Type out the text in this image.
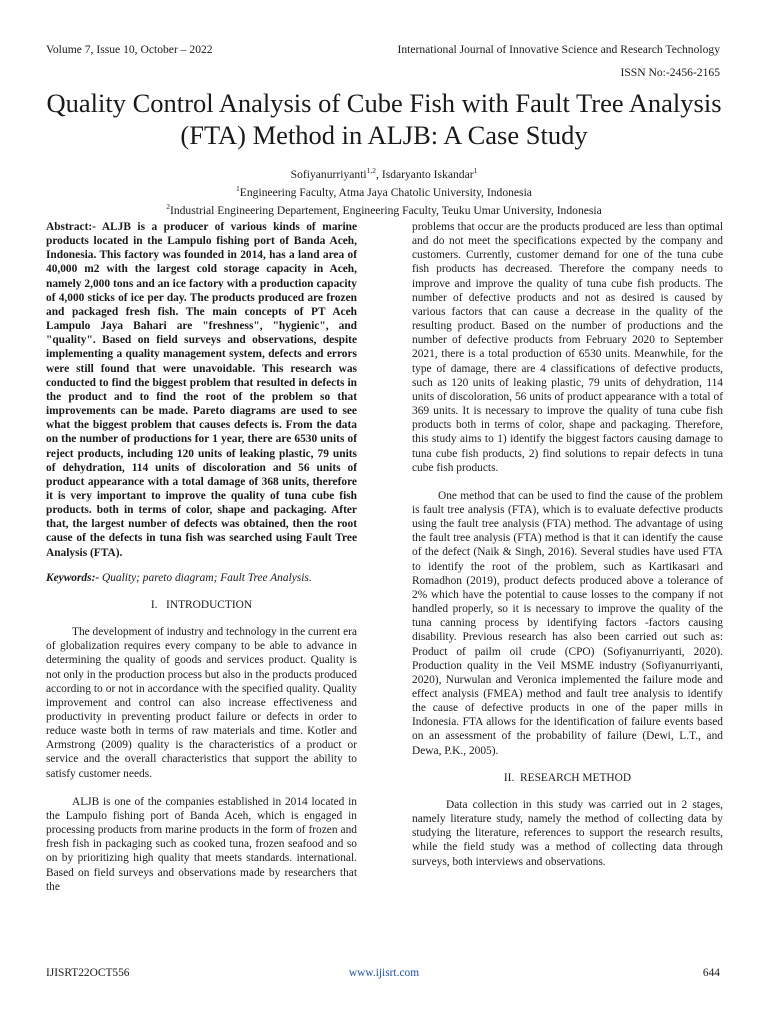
Volume 7, Issue 10, October – 2022	International Journal of Innovative Science and Research Technology
ISSN No:-2456-2165
Quality Control Analysis of Cube Fish with Fault Tree Analysis (FTA) Method in ALJB: A Case Study
Sofiyanurriyanti$^{1,2}$, Isdaryanto Iskandar$^1$
$^1$Engineering Faculty, Atma Jaya Chatolic University, Indonesia
$^2$Industrial Engineering Departement, Engineering Faculty, Teuku Umar University, Indonesia

Abstract:- ALJB is a producer of various kinds of marine products located in the Lampulo fishing port of Banda Aceh, Indonesia. This factory was founded in 2014, has a land area of 40,000 m2 with the largest cold storage capacity in Aceh, namely 2,000 tons and an ice factory with a production capacity of 4,000 sticks of ice per day. The products produced are frozen and packaged fresh fish. The main concepts of PT Aceh Lampulo Jaya Bahari are "freshness", "hygienic", and "quality". Based on field surveys and observations, despite implementing a quality management system, defects and errors were still found that were unavoidable. This research was conducted to find the biggest problem that resulted in defects in the product and to find the root of the problem so that improvements can be made. Pareto diagrams are used to see what the biggest problem that causes defects is. From the data on the number of productions for 1 year, there are 6530 units of reject products, including 120 units of leaking plastic, 79 units of dehydration, 114 units of discoloration and 56 units of product appearance with a total damage of 368 units, therefore it is very important to improve the quality of tuna cube fish products. both in terms of color, shape and packaging. After that, the largest number of defects was obtained, then the root cause of the defects in tuna fish was searched using Fault Tree Analysis (FTA).

Keywords:- Quality; pareto diagram; Fault Tree Analysis.

I.   INTRODUCTION

The development of industry and technology in the current era of globalization requires every company to be able to advance in determining the quality of goods and services product. Quality is not only in the production process but also in the products produced according to or not in accordance with the specified quality. Quality improvement and control can also increase effectiveness and productivity in preventing product failure or defects in order to reduce waste both in terms of raw materials and time. Kotler and Armstrong (2009) quality is the characteristics of a product or service and the overall characteristics that support the ability to satisfy customer needs.

ALJB is one of the companies established in 2014 located in the Lampulo fishing port of Banda Aceh, which is engaged in processing products from marine products in the form of frozen and fresh fish in packaging such as cooked tuna, frozen seafood and so on by prioritizing high quality that meets standards. international. Based on field surveys and observations made by researchers that the

problems that occur are the products produced are less than optimal and do not meet the specifications expected by the company and customers. Currently, customer demand for one of the tuna cube fish products has decreased. Therefore the company needs to improve and improve the quality of tuna cube fish products. The number of defective products and not as desired is caused by various factors that can cause a decrease in the quality of the resulting product. Based on the number of productions and the number of defective products from February 2020 to September 2021, there is a total production of 6530 units. Meanwhile, for the type of damage, there are 4 classifications of defective products, such as 120 units of leaking plastic, 79 units of dehydration, 114 units of discoloration, 56 units of product appearance with a total of 369 units. It is necessary to improve the quality of tuna cube fish products both in terms of color, shape and packaging. Therefore, this study aims to 1) identify the biggest factors causing damage to tuna cube fish products, 2) find solutions to repair defects in tuna cube fish products.

One method that can be used to find the cause of the problem is fault tree analysis (FTA), which is to evaluate defective products using the fault tree analysis (FTA) method. The advantage of using the fault tree analysis (FTA) method is that it can identify the cause of the defect (Naik & Singh, 2016). Several studies have used FTA to identify the root of the problem, such as Kartikasari and Romadhon (2019), product defects produced above a tolerance of 2% which have the potential to cause losses to the company if not handled properly, so it is necessary to improve the quality of the tuna canning process by identifying factors -factors causing disability. Previous research has also been carried out such as: Product of pailm oil crude (CPO) (Sofiyanurriyanti, 2020). Production quality in the Veil MSME industry (Sofiyanurriyanti, 2020), Nurwulan and Veronica implemented the failure mode and effect analysis (FMEA) method and fault tree analysis to identify the cause of defective products in one of the paper mills in Indonesia. FTA allows for the identification of failure events based on an assessment of the probability of failure (Dewi, L.T., and Dewa, P.K., 2005).

II.  RESEARCH METHOD

Data collection in this study was carried out in 2 stages, namely literature study, namely the method of collecting data by studying the literature, references to support the research results, while the field study was a method of collecting data through surveys, both interviews and observations.

IJISRT22OCT556	www.ijisrt.com	644
